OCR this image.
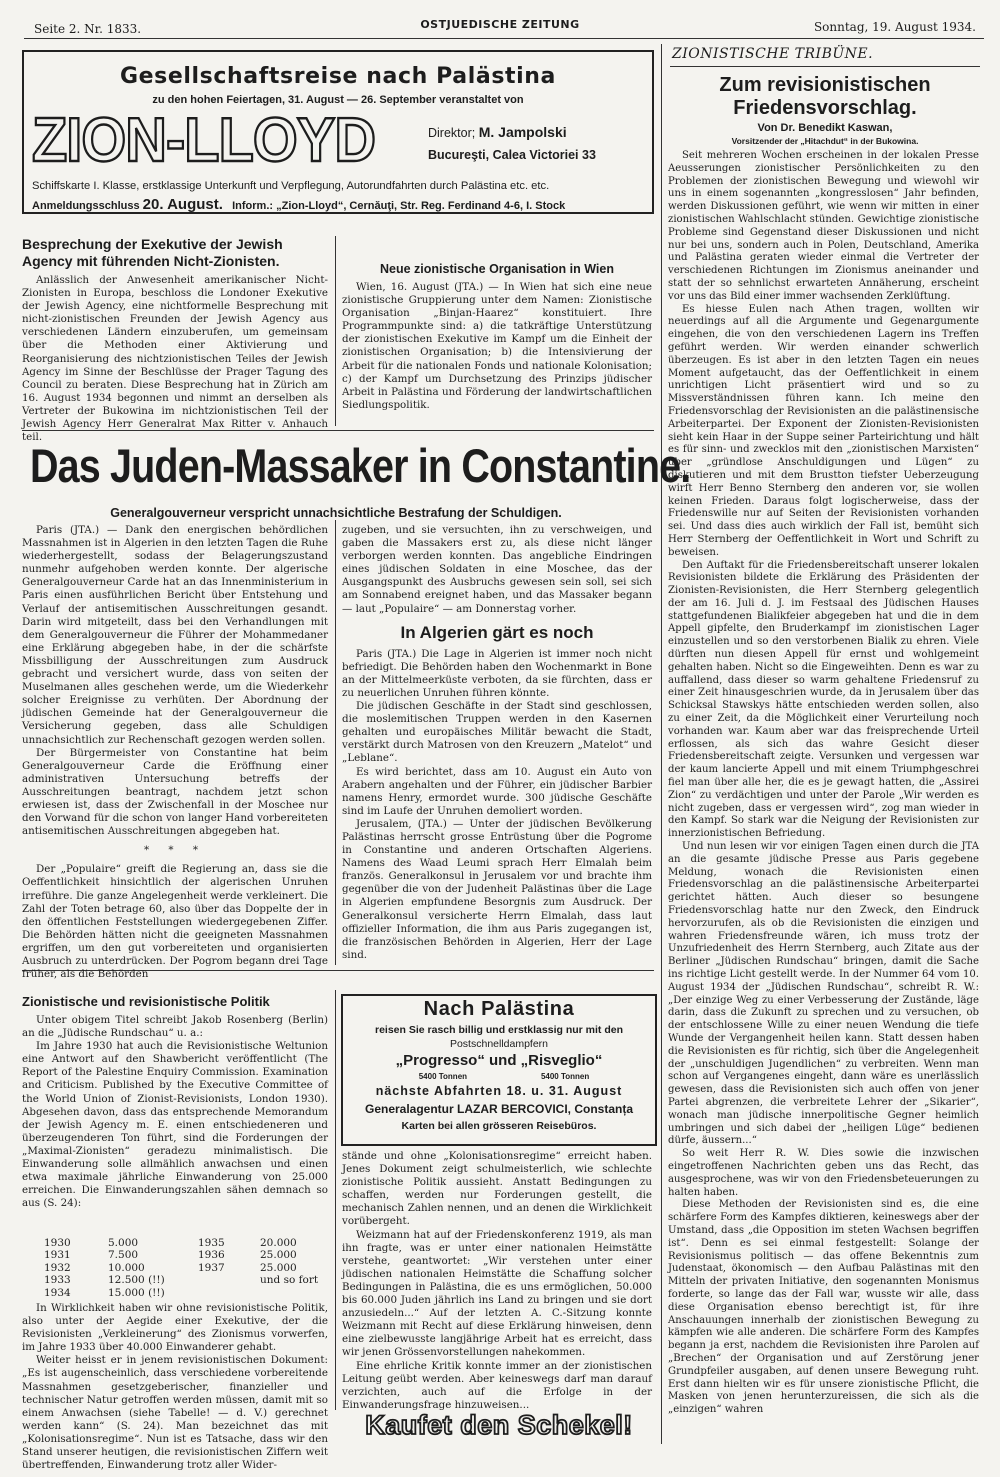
Seite 2. Nr. 1833.	OSTJUEDISCHE ZEITUNG	Sonntag, 19. August 1934.
Gesellschaftsreise nach Palästina
zu den hohen Feiertagen, 31. August — 26. September veranstaltet von
ZION-LLOYD	Direktor; M. Jampolski
Bucureşti, Calea Victoriei 33
Schiffskarte I. Klasse, erstklassige Unterkunft und Verpflegung, Autorundfahrten durch Palästina etc. etc.
Anmeldungsschluss 20. August. Inform.: „Zion-Lloyd“, Cernăuţi, Str. Reg. Ferdinand 4-6, I. Stock
Besprechung der Exekutive der Jewish Agency mit führenden Nicht-Zionisten.

Anlässlich der Anwesenheit amerikanischer Nicht-Zionisten in Europa, beschloss die Londoner Exekutive der Jewish Agency, eine nichtformelle Besprechung mit nicht-zionistischen Freunden der Jewish Agency aus verschiedenen Ländern einzuberufen, um gemeinsam über die Methoden einer Aktivierung und Reorganisierung des nichtzionistischen Teiles der Jewish Agency im Sinne der Beschlüsse der Prager Tagung des Council zu beraten. Diese Besprechung hat in Zürich am 16. August 1934 begonnen und nimmt an derselben als Vertreter der Bukowina im nichtzionistischen Teil der Jewish Agency Herr Generalrat Max Ritter v. Anhauch teil.

Neue zionistische Organisation in Wien

Wien, 16. August (JTA.) — In Wien hat sich eine neue zionistische Gruppierung unter dem Namen: Zionistische Organisation „Binjan-Haarez“ konstituiert. Ihre Programmpunkte sind: a) die tatkräftige Unterstützung der zionistischen Exekutive im Kampf um die Einheit der zionistischen Organisation; b) die Intensivierung der Arbeit für die nationalen Fonds und nationale Kolonisation; c) der Kampf um Durchsetzung des Prinzips jüdischer Arbeit in Palästina und Förderung der landwirtschaftlichen Siedlungspolitik.

Das Juden-Massaker in Constantine.
Generalgouverneur verspricht unnachsichtliche Bestrafung der Schuldigen.

Paris (JTA.) — Dank den energischen behördlichen Massnahmen ist in Algerien in den letzten Tagen die Ruhe wiederhergestellt, sodass der Belagerungszustand nunmehr aufgehoben werden konnte. Der algerische Generalgouverneur Carde hat an das Innenministerium in Paris einen ausführlichen Bericht über Entstehung und Verlauf der antisemitischen Ausschreitungen gesandt. Darin wird mitgeteilt, dass bei den Verhandlungen mit dem Generalgouverneur die Führer der Mohammedaner eine Erklärung abgegeben habe, in der die schärfste Missbilligung der Ausschreitungen zum Ausdruck gebracht und versichert wurde, dass von seiten der Muselmanen alles geschehen werde, um die Wiederkehr solcher Ereignisse zu verhüten. Der Abordnung der jüdischen Gemeinde hat der Generalgouverneur die Versicherung gegeben, dass alle Schuldigen unnachsichtlich zur Rechenschaft gezogen werden sollen.

Der Bürgermeister von Constantine hat beim Generalgouverneur Carde die Eröffnung einer administrativen Untersuchung betreffs der Ausschreitungen beantragt, nachdem jetzt schon erwiesen ist, dass der Zwischenfall in der Moschee nur den Vorwand für die schon von langer Hand vorbereiteten antisemitischen Ausschreitungen abgegeben hat.

* * *

Der „Populaire“ greift die Regierung an, dass sie die Oeffentlichkeit hinsichtlich der algerischen Unruhen irreführe. Die ganze Angelegenheit werde verkleinert. Die Zahl der Toten betrage 60, also über das Doppelte der in den öffentlichen Feststellungen wiedergegebenen Ziffer. Die Behörden hätten nicht die geeigneten Massnahmen ergriffen, um den gut vorbereiteten und organisierten Ausbruch zu unterdrücken. Der Pogrom begann drei Tage früher, als die Behörden

zugeben, und sie versuchten, ihn zu verschweigen, und gaben die Massakers erst zu, als diese nicht länger verborgen werden konnten. Das angebliche Eindringen eines jüdischen Soldaten in eine Moschee, das der Ausgangspunkt des Ausbruchs gewesen sein soll, sei sich am Sonnabend ereignet haben, und das Massaker begann — laut „Populaire“ — am Donnerstag vorher.

In Algerien gärt es noch

Paris (JTA.) Die Lage in Algerien ist immer noch nicht befriedigt. Die Behörden haben den Wochenmarkt in Bone an der Mittelmeerküste verboten, da sie fürchten, dass er zu neuerlichen Unruhen führen könnte.

Die jüdischen Geschäfte in der Stadt sind geschlossen, die moslemitischen Truppen werden in den Kasernen gehalten und europäisches Militär bewacht die Stadt, verstärkt durch Matrosen von den Kreuzern „Matelot“ und „Leblane“.

Es wird berichtet, dass am 10. August ein Auto von Arabern angehalten und der Führer, ein jüdischer Barbier namens Henry, ermordet wurde. 300 jüdische Geschäfte sind im Laufe der Unruhen demoliert worden.

Jerusalem, (JTA.) — Unter der jüdischen Bevölkerung Palästinas herrscht grosse Entrüstung über die Pogrome in Constantine und anderen Ortschaften Algeriens. Namens des Waad Leumi sprach Herr Elmalah beim französ. Generalkonsul in Jerusalem vor und brachte ihm gegenüber die von der Judenheit Palästinas über die Lage in Algerien empfundene Besorgnis zum Ausdruck. Der Generalkonsul versicherte Herrn Elmalah, dass laut offizieller Information, die ihm aus Paris zugegangen ist, die französischen Behörden in Algerien, Herr der Lage sind.

Zionistische und revisionistische Politik

Unter obigem Titel schreibt Jakob Rosenberg (Berlin) an die „Jüdische Rundschau“ u. a.:

Im Jahre 1930 hat auch die Revisionistische Weltunion eine Antwort auf den Shawbericht veröffentlicht (The Report of the Palestine Enquiry Commission. Examination and Criticism. Published by the Executive Committee of the World Union of Zionist-Revisionists, London 1930). Abgesehen davon, dass das entsprechende Memorandum der Jewish Agency m. E. einen entschiedeneren und überzeugenderen Ton führt, sind die Forderungen der „Maximal-Zionisten“ geradezu minimalistisch. Die Einwanderung solle allmählich anwachsen und einen etwa maximale jährliche Einwanderung von 25.000 erreichen. Die Einwanderungszahlen sähen demnach so aus (S. 24):

1930	5.000	1935	20.000
1931	7.500	1936	25.000
1932	10.000	1937	25.000
1933	12.500 (!!)	und so fort
1934	15.000 (!!)

In Wirklichkeit haben wir ohne revisionistische Politik, also unter der Aegide einer Exekutive, der die Revisionisten „Verkleinerung“ des Zionismus vorwerfen, im Jahre 1933 über 40.000 Einwanderer gehabt.

Weiter heisst er in jenem revisionistischen Dokument: „Es ist augenscheinlich, dass verschiedene vorbereitende Massnahmen gesetzgeberischer, finanzieller und technischer Natur getroffen werden müssen, damit mit so einem Anwachsen (siehe Tabelle! — d. V.) gerechnet werden kann“ (S. 24). Man bezeichnet das mit „Kolonisationsregime“. Nun ist es Tatsache, dass wir den Stand unserer heutigen, die revisionistischen Ziffern weit übertreffenden, Einwanderung trotz aller Wider-

Nach Palästina
reisen Sie rasch billig und erstklassig nur mit den
Postschnelldampfern
„Progresso“ und „Risveglio“
5400 Tonnen	5400 Tonnen
nächste Abfahrten 18. u. 31. August
Generalagentur LAZAR BERCOVICI, Constanța
Karten bei allen grösseren Reisebüros.

stände und ohne „Kolonisationsregime“ erreicht haben. Jenes Dokument zeigt schulmeisterlich, wie schlechte zionistische Politik aussieht. Anstatt Bedingungen zu schaffen, werden nur Forderungen gestellt, die mechanisch Zahlen nennen, und an denen die Wirklichkeit vorübergeht.

Weizmann hat auf der Friedenskonferenz 1919, als man ihn fragte, was er unter einer nationalen Heimstätte verstehe, geantwortet: „Wir verstehen unter einer jüdischen nationalen Heimstätte die Schaffung solcher Bedingungen in Palästina, die es uns ermöglichen, 50.000 bis 60.000 Juden jährlich ins Land zu bringen und sie dort anzusiedeln...“ Auf der letzten A. C.-Sitzung konnte Weizmann mit Recht auf diese Erklärung hinweisen, denn eine zielbewusste langjährige Arbeit hat es erreicht, dass wir jenen Grössenvorstellungen nahekommen.

Eine ehrliche Kritik konnte immer an der zionistischen Leitung geübt werden. Aber keineswegs darf man darauf verzichten, auch auf die Erfolge in der Einwanderungsfrage hinzuweisen...

Kaufet den Schekel!
ZIONISTISCHE TRIBÜNE.
Zum revisionistischen Friedensvorschlag.
Von Dr. Benedikt Kaswan,
Vorsitzender der „Hitachdut“ in der Bukowina.

Seit mehreren Wochen erscheinen in der lokalen Presse Aeusserungen zionistischer Persönlichkeiten zu den Problemen der zionistischen Bewegung und wiewohl wir uns in einem sogenannten „kongresslosen“ Jahr befinden, werden Diskussionen geführt, wie wenn wir mitten in einer zionistischen Wahlschlacht stünden. Gewichtige zionistische Probleme sind Gegenstand dieser Diskussionen und nicht nur bei uns, sondern auch in Polen, Deutschland, Amerika und Palästina geraten wieder einmal die Vertreter der verschiedenen Richtungen im Zionismus aneinander und statt der so sehnlichst erwarteten Annäherung, erscheint vor uns das Bild einer immer wachsenden Zerklüftung.

Es hiesse Eulen nach Athen tragen, wollten wir neuerdings auf all die Argumente und Gegenargumente eingehen, die von den verschiedenen Lagern ins Treffen geführt werden. Wir werden einander schwerlich überzeugen. Es ist aber in den letzten Tagen ein neues Moment aufgetaucht, das der Oeffentlichkeit in einem unrichtigen Licht präsentiert wird und so zu Missverständnissen führen kann. Ich meine den Friedensvorschlag der Revisionisten an die palästinensische Arbeiterpartei. Der Exponent der Zionisten-Revisionisten sieht kein Haar in der Suppe seiner Parteirichtung und hält es für sinn- und zwecklos mit den „zionistischen Marxisten“ über „gründlose Anschuldigungen und Lügen“ zu diskutieren und mit dem Brustton tiefster Ueberzeugung wirft Herr Benno Sternberg den anderen vor, sie wollen keinen Frieden. Daraus folgt logischerweise, dass der Friedenswille nur auf Seiten der Revisionisten vorhanden sei. Und dass dies auch wirklich der Fall ist, bemüht sich Herr Sternberg der Oeffentlichkeit in Wort und Schrift zu beweisen.

Den Auftakt für die Friedensbereitschaft unserer lokalen Revisionisten bildete die Erklärung des Präsidenten der Zionisten-Revisionisten, die Herr Sternberg gelegentlich der am 16. Juli d. J. im Festsaal des Jüdischen Hauses stattgefundenen Bialikfeier abgegeben hat und die in dem Appell gipfelte, den Bruderkampf im zionistischen Lager einzustellen und so den verstorbenen Bialik zu ehren. Viele dürften nun diesen Appell für ernst und wohlgemeint gehalten haben. Nicht so die Eingeweihten. Denn es war zu auffallend, dass dieser so warm gehaltene Friedensruf zu einer Zeit hinausgeschrien wurde, da in Jerusalem über das Schicksal Stawskys hätte entschieden werden sollen, also zu einer Zeit, da die Möglichkeit einer Verurteilung noch vorhanden war. Kaum aber war das freisprechende Urteil erflossen, als sich das wahre Gesicht dieser Friedensbereitschaft zeigte. Versunken und vergessen war der kaum lancierte Appell und mit einem Triumphgeschrei fiel man über alle her, die es je gewagt hatten, die „Assirei Zion“ zu verdächtigen und unter der Parole „Wir werden es nicht zugeben, dass er vergessen wird“, zog man wieder in den Kampf. So stark war die Neigung der Revisionisten zur innerzionistischen Befriedung.

Und nun lesen wir vor einigen Tagen einen durch die JTA an die gesamte jüdische Presse aus Paris gegebene Meldung, wonach die Revisionisten einen Friedensvorschlag an die palästinensische Arbeiterpartei gerichtet hätten. Auch dieser so besungene Friedensvorschlag hatte nur den Zweck, den Eindruck hervorzurufen, als ob die Revisionisten die einzigen und wahren Friedensfreunde wären, ich muss trotz der Unzufriedenheit des Herrn Sternberg, auch Zitate aus der Berliner „Jüdischen Rundschau“ bringen, damit die Sache ins richtige Licht gestellt werde. In der Nummer 64 vom 10. August 1934 der „Jüdischen Rundschau“, schreibt R. W.: „Der einzige Weg zu einer Verbesserung der Zustände, läge darin, dass die Zukunft zu sprechen und zu versuchen, ob der entschlossene Wille zu einer neuen Wendung die tiefe Wunde der Vergangenheit heilen kann. Statt dessen haben die Revisionisten es für richtig, sich über die Angelegenheit der „unschuldigen Jugendlichen“ zu verbreiten. Wenn man schon auf Vergangenes eingeht, dann wäre es unerlässlich gewesen, dass die Revisionisten sich auch offen von jener Partei abgrenzen, die verbreitete Lehrer der „Sikarier“, wonach man jüdische innerpolitische Gegner heimlich umbringen und sich dabei der „heiligen Lüge“ bedienen dürfe, äussern...“

So weit Herr R. W. Dies sowie die inzwischen eingetroffenen Nachrichten geben uns das Recht, das ausgesprochene, was wir von den Friedensbeteuerungen zu halten haben.

Diese Methoden der Revisionisten sind es, die eine schärfere Form des Kampfes diktieren, keineswegs aber der Umstand, dass „die Opposition im steten Wachsen begriffen ist“. Denn es sei einmal festgestellt: Solange der Revisionismus politisch — das offene Bekenntnis zum Judenstaat, ökonomisch — den Aufbau Palästinas mit den Mitteln der privaten Initiative, den sogenannten Monismus forderte, so lange das der Fall war, wusste wir alle, dass diese Organisation ebenso berechtigt ist, für ihre Anschauungen innerhalb der zionistischen Bewegung zu kämpfen wie alle anderen. Die schärfere Form des Kampfes begann ja erst, nachdem die Revisionisten ihre Parolen auf „Brechen“ der Organisation und auf Zerstörung jener Grundpfeiler ausgaben, auf denen unsere Bewegung ruht. Erst dann hielten wir es für unsere zionistische Pflicht, die Masken von jenen herunterzureissen, die sich als die „einzigen“ wahren
